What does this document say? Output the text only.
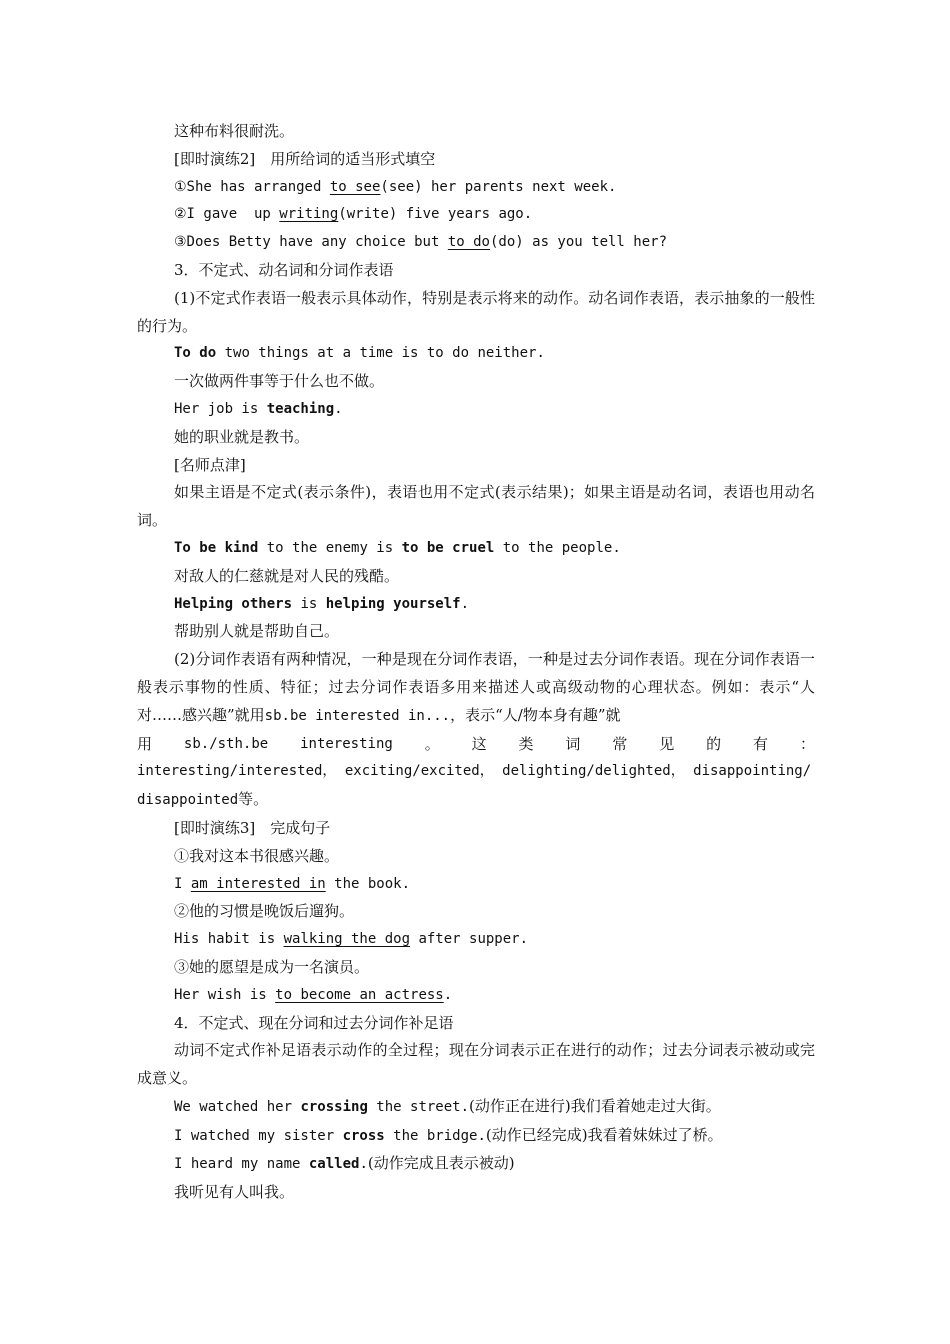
这种布料很耐洗。
[即时演练2]　用所给词的适当形式填空
①She has arranged to see(see) her parents next week.
②I gave  up writing(write) five years ago.
③Does Betty have any choice but to do(do) as you tell her?
3．不定式、动名词和分词作表语
(1)不定式作表语一般表示具体动作，特别是表示将来的动作。动名词作表语，表示抽象的一般性的行为。
To do two things at a time is to do neither.
一次做两件事等于什么也不做。
Her job is teaching.
她的职业就是教书。
[名师点津]
如果主语是不定式(表示条件)，表语也用不定式(表示结果)；如果主语是动名词，表语也用动名词。
To be kind to the enemy is to be cruel to the people.
对敌人的仁慈就是对人民的残酷。
Helping others is helping yourself.
帮助别人就是帮助自己。
(2)分词作表语有两种情况，一种是现在分词作表语，一种是过去分词作表语。现在分词作表语一般表示事物的性质、特征；过去分词作表语多用来描述人或高级动物的心理状态。例如：表示“人对……感兴趣”就用sb.be interested in...，表示“人/物本身有趣”就
用 sb./sth.be interesting 。 这 类 词 常 见 的 有 ：
interesting/interested， exciting/excited， delighting/delighted， disappointing/
disappointed等。
[即时演练3]　完成句子
①我对这本书很感兴趣。
I am interested in the book.
②他的习惯是晚饭后遛狗。
His habit is walking the dog after supper.
③她的愿望是成为一名演员。
Her wish is to become an actress.
4．不定式、现在分词和过去分词作补足语
动词不定式作补足语表示动作的全过程；现在分词表示正在进行的动作；过去分词表示被动或完成意义。
We watched her crossing the street.(动作正在进行)我们看着她走过大街。
I watched my sister cross the bridge.(动作已经完成)我看着妹妹过了桥。
I heard my name called.(动作完成且表示被动)
我听见有人叫我。
